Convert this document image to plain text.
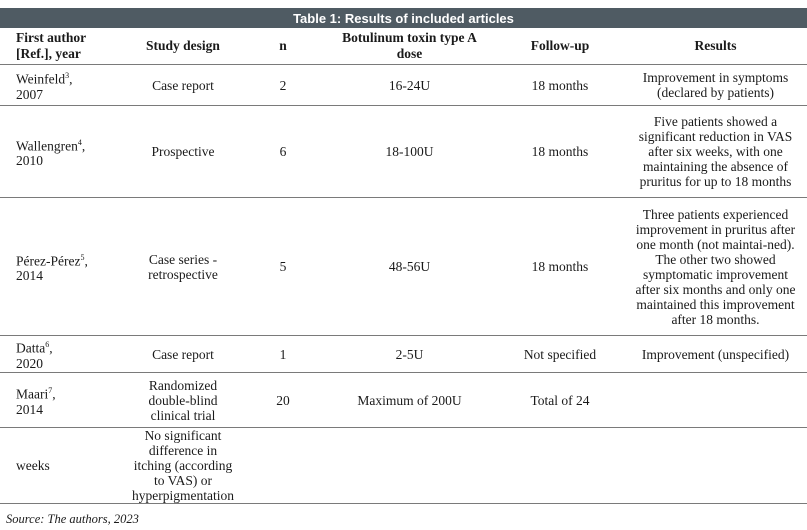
Table 1: Results of included articles
First author [Ref.], year	Study design	n	Botulinum toxin type A dose	Follow-up	Results
Weinfeld$^3$,
2007	Case report	2	16-24U	18 months	Improvement in symptoms (declared by patients)
Wallengren$^4$,
2010	Prospective	6	18-100U	18 months	Five patients showed a significant reduction in VAS after six weeks, with one maintaining the absence of pruritus for up to 18 months
Pérez-Pérez$^5$,
2014	Case series - retrospective	5	48-56U	18 months	Three patients experienced improvement in pruritus after one month (not maintai-ned). The other two showed symptomatic improvement after six months and only one maintained this improvement after 18 months.
Datta$^6$,
2020	Case report	1	2-5U	Not specified	Improvement (unspecified)
Maari$^7$,
2014	Randomized double-blind clinical trial	20	Maximum of 200U	Total of 24	
weeks	No significant difference in itching (according to VAS) or hyperpigmentation				
Source: The authors, 2023
